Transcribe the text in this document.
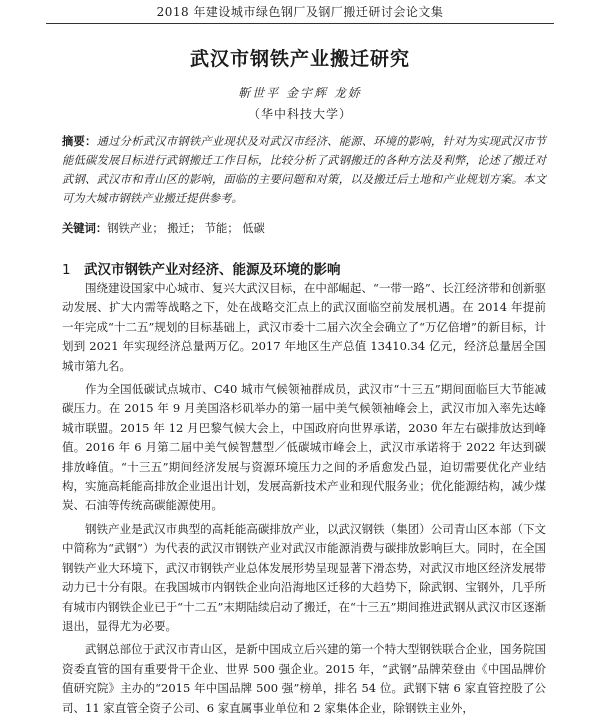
2018 年建设城市绿色钢厂及钢厂搬迁研讨会论文集
武汉市钢铁产业搬迁研究
靳世平 金宇辉 龙娇
（华中科技大学）
摘要：通过分析武汉市钢铁产业现状及对武汉市经济、能源、环境的影响，针对为实现武汉市节能低碳发展目标进行武钢搬迁工作目标，比较分析了武钢搬迁的各种方法及利弊，论述了搬迁对武钢、武汉市和青山区的影响，面临的主要问题和对策，以及搬迁后土地和产业规划方案。本文可为大城市钢铁产业搬迁提供参考。
关键词：钢铁产业； 搬迁； 节能； 低碳
1 武汉市钢铁产业对经济、能源及环境的影响

围绕建设国家中心城市、复兴大武汉目标，在中部崛起、“一带一路”、长江经济带和创新驱动发展、扩大内需等战略之下，处在战略交汇点上的武汉面临空前发展机遇。在 2014 年提前一年完成“十二五”规划的目标基础上，武汉市委十二届六次全会确立了“万亿倍增”的新目标，计划到 2021 年实现经济总量两万亿。2017 年地区生产总值 13410.34 亿元，经济总量居全国城市第九名。

作为全国低碳试点城市、C40 城市气候领袖群成员，武汉市“十三五”期间面临巨大节能减碳压力。在 2015 年 9 月美国洛杉矶举办的第一届中美气候领袖峰会上，武汉市加入率先达峰城市联盟。2015 年 12 月巴黎气候大会上，中国政府向世界承诺，2030 年左右碳排放达到峰值。2016 年 6 月第二届中美气候智慧型／低碳城市峰会上，武汉市承诺将于 2022 年达到碳排放峰值。“十三五”期间经济发展与资源环境压力之间的矛盾愈发凸显，迫切需要优化产业结构，实施高耗能高排放企业退出计划，发展高新技术产业和现代服务业；优化能源结构，减少煤炭、石油等传统高碳能源使用。

钢铁产业是武汉市典型的高耗能高碳排放产业，以武汉钢铁（集团）公司青山区本部（下文中简称为“武钢”）为代表的武汉市钢铁产业对武汉市能源消费与碳排放影响巨大。同时，在全国钢铁产业大环境下，武汉市钢铁产业总体发展形势呈现显著下滑态势，对武汉市地区经济发展带动力已十分有限。在我国城市内钢铁企业向沿海地区迁移的大趋势下，除武钢、宝钢外，几乎所有城市内钢铁企业已于“十二五”末期陆续启动了搬迁，在“十三五”期间推进武钢从武汉市区逐渐退出，显得尤为必要。

武钢总部位于武汉市青山区，是新中国成立后兴建的第一个特大型钢铁联合企业，国务院国资委直管的国有重要骨干企业、世界 500 强企业。2015 年，“武钢”品牌荣登由《中国品牌价值研究院》主办的“2015 年中国品牌 500 强”榜单，排名 54 位。武钢下辖 6 家直管控股了公司、11 家直管全资子公司、6 家直属事业单位和 2 家集体企业，除钢铁主业外，
